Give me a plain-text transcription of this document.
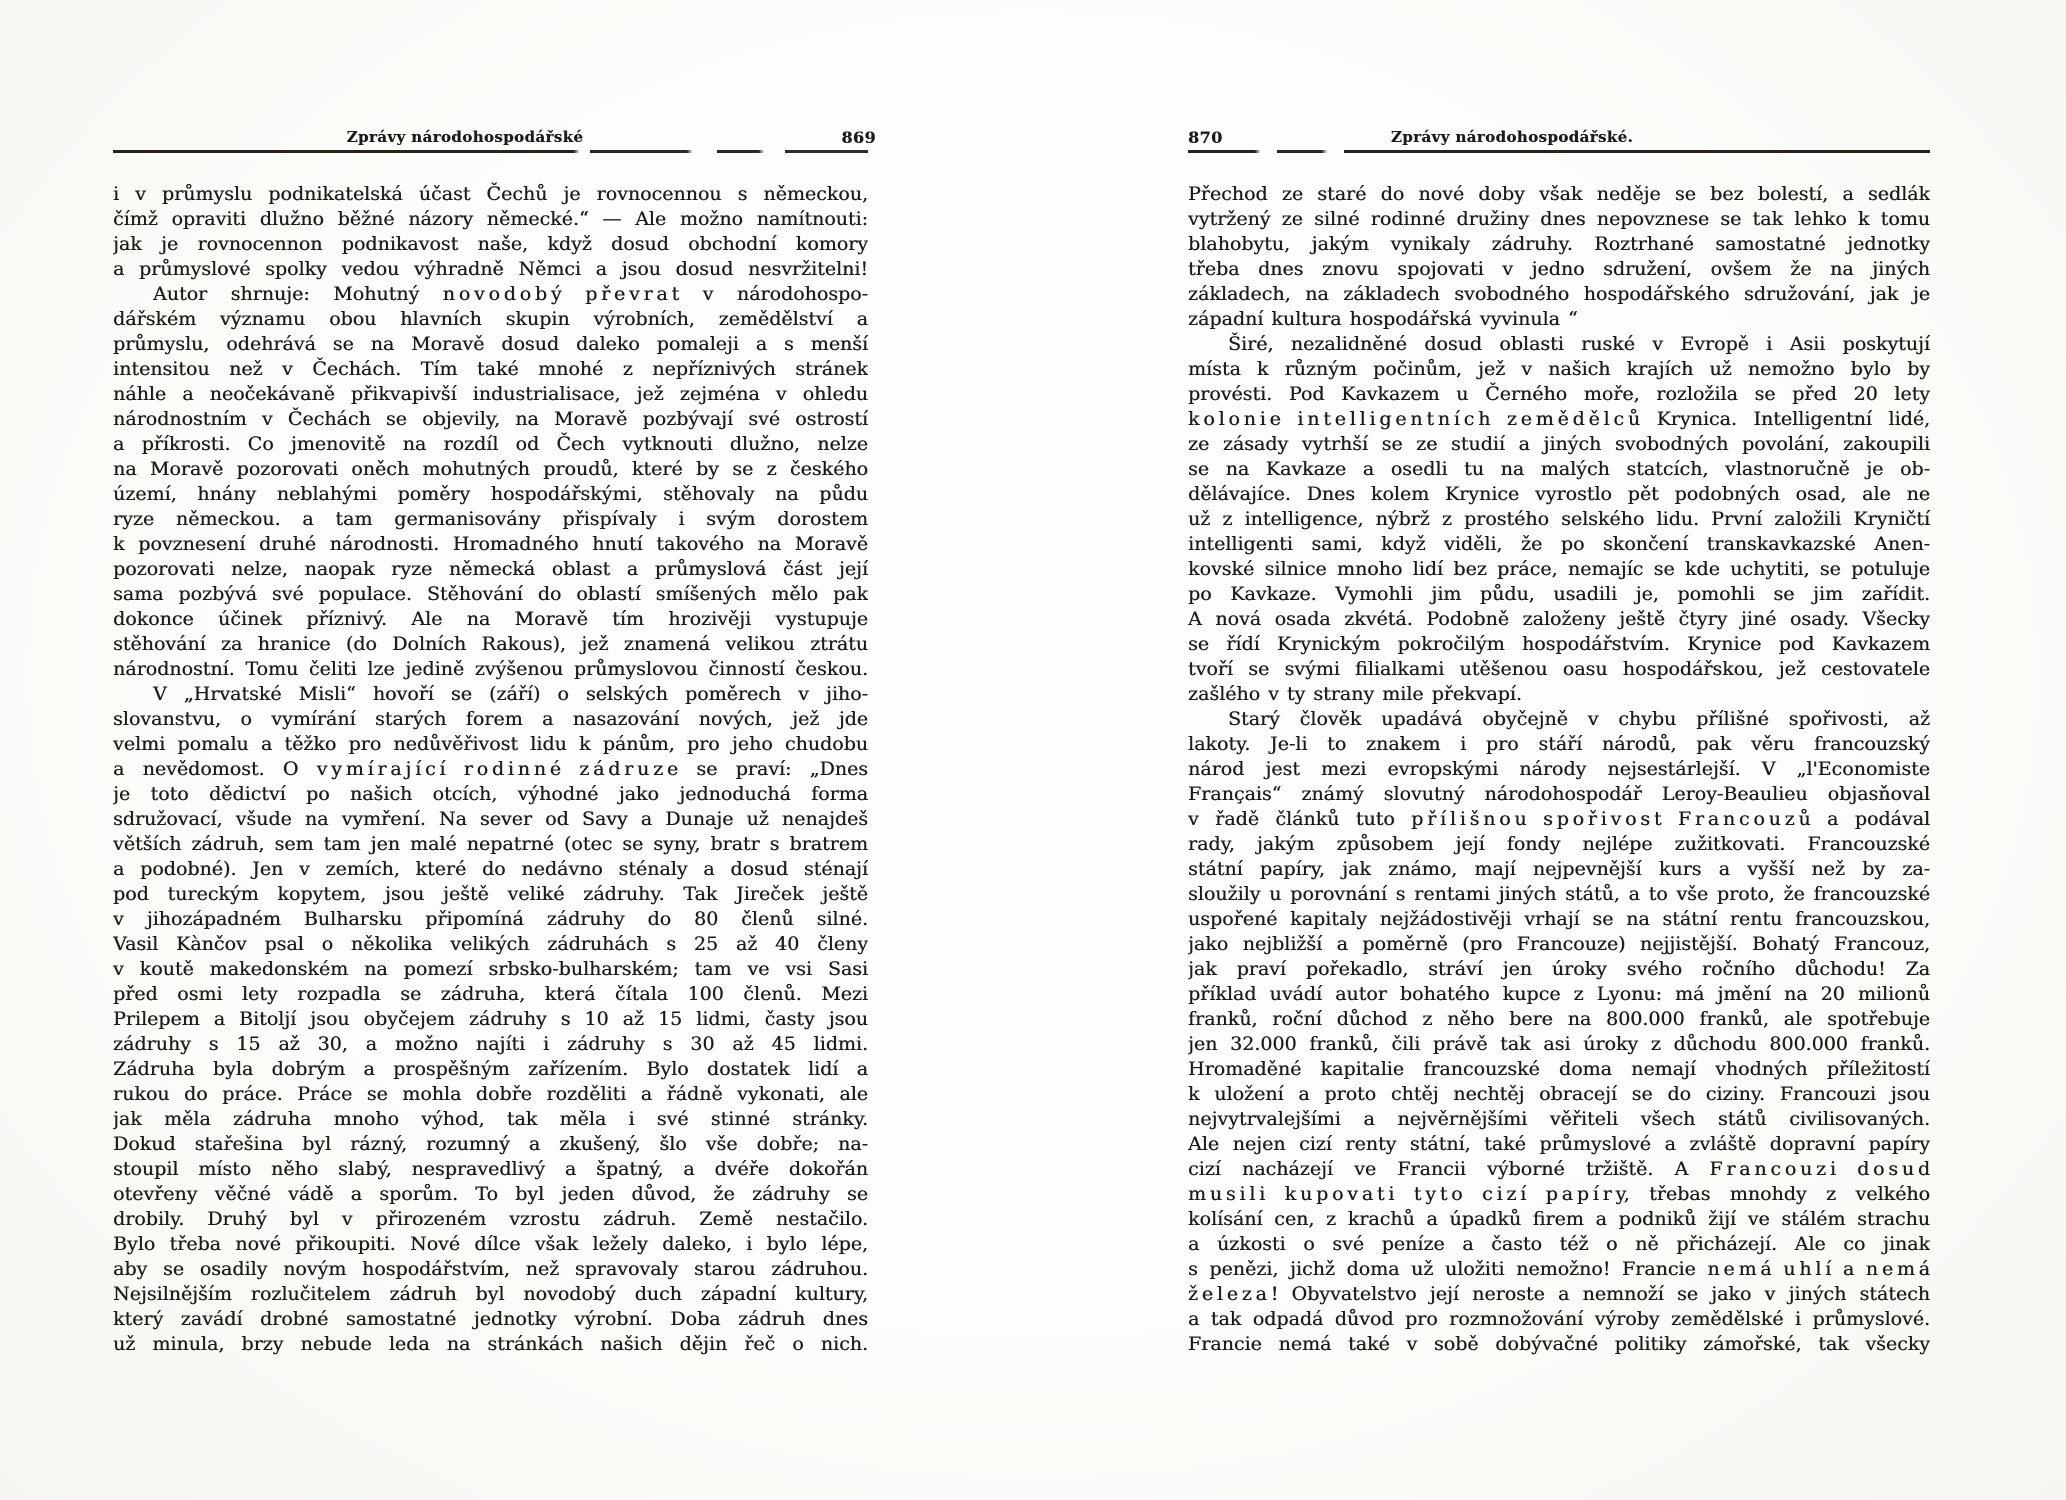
Zprávy národohospodářské	869
i v průmyslu podnikatelská účast Čechů je rovnocennou s německou,
čímž opraviti dlužno běžné názory německé.“ — Ale možno namítnouti:
jak je rovnocennon podnikavost naše, když dosud obchodní komory
a průmyslové spolky vedou výhradně Němci a jsou dosud nesvržitelni!
Autor shrnuje: Mohutný n o v o d o b ý p ř e v r a t v národohospo-
dářském významu obou hlavních skupin výrobních, zemědělství a
průmyslu, odehrává se na Moravě dosud daleko pomaleji a s menší
intensitou než v Čechách. Tím také mnohé z nepříznivých stránek
náhle a neočekávaně přikvapivší industrialisace, jež zejména v ohledu
národnostním v Čechách se objevily, na Moravě pozbývají své ostrostí
a příkrosti. Co jmenovitě na rozdíl od Čech vytknouti dlužno, nelze
na Moravě pozorovati oněch mohutných proudů, které by se z českého
území, hnány neblahými poměry hospodářskými, stěhovaly na půdu
ryze německou. a tam germanisovány přispívaly i svým dorostem
k povznesení druhé národnosti. Hromadného hnutí takového na Moravě
pozorovati nelze, naopak ryze německá oblast a průmyslová část její
sama pozbývá své populace. Stěhování do oblastí smíšených mělo pak
dokonce účinek příznivý. Ale na Moravě tím hrozivěji vystupuje
stěhování za hranice (do Dolních Rakous), jež znamená velikou ztrátu
národnostní. Tomu čeliti lze jedině zvýšenou průmyslovou činností českou.
V „Hrvatské Misli“ hovoří se (září) o selských poměrech v jiho-
slovanstvu, o vymírání starých forem a nasazování nových, jež jde
velmi pomalu a těžko pro nedůvěřivost lidu k pánům, pro jeho chudobu
a nevědomost. O v y m í r a j í c í r o d i n n é z á d r u z e se praví: „Dnes
je toto dědictví po našich otcích, výhodné jako jednoduchá forma
sdružovací, všude na vymření. Na sever od Savy a Dunaje už nenajdeš
větších zádruh, sem tam jen malé nepatrné (otec se syny, bratr s bratrem
a podobné). Jen v zemích, které do nedávno sténaly a dosud sténají
pod tureckým kopytem, jsou ještě veliké zádruhy. Tak Jireček ještě
v jihozápadném Bulharsku připomíná zádruhy do 80 členů silné.
Vasil Kànčov psal o několika velikých zádruhách s 25 až 40 členy
v koutě makedonském na pomezí srbsko-bulharském; tam ve vsi Sasi
před osmi lety rozpadla se zádruha, která čítala 100 členů. Mezi
Prilepem a Bitoljí jsou obyčejem zádruhy s 10 až 15 lidmi, časty jsou
zádruhy s 15 až 30, a možno najíti i zádruhy s 30 až 45 lidmi.
Zádruha byla dobrým a prospěšným zařízením. Bylo dostatek lidí a
rukou do práce. Práce se mohla dobře rozděliti a řádně vykonati, ale
jak měla zádruha mnoho výhod, tak měla i své stinné stránky.
Dokud stařešina byl rázný, rozumný a zkušený, šlo vše dobře; na-
stoupil místo něho slabý, nespravedlivý a špatný, a dvéře dokořán
otevřeny věčné vádě a sporům. To byl jeden důvod, že zádruhy se
drobily. Druhý byl v přirozeném vzrostu zádruh. Země nestačilo.
Bylo třeba nové přikoupiti. Nové dílce však ležely daleko, i bylo lépe,
aby se osadily novým hospodářstvím, než spravovaly starou zádruhou.
Nejsilnějším rozlučitelem zádruh byl novodobý duch západní kultury,
který zavádí drobné samostatné jednotky výrobní. Doba zádruh dnes
už minula, brzy nebude leda na stránkách našich dějin řeč o nich.
870	Zprávy národohospodářské.
Přechod ze staré do nové doby však neděje se bez bolestí, a sedlák
vytržený ze silné rodinné družiny dnes nepovznese se tak lehko k tomu
blahobytu, jakým vynikaly zádruhy. Roztrhané samostatné jednotky
třeba dnes znovu spojovati v jedno sdružení, ovšem že na jiných
základech, na základech svobodného hospodářského sdružování, jak je
západní kultura hospodářská vyvinula “
Širé, nezalidněné dosud oblasti ruské v Evropě i Asii poskytují
místa k různým počinům, jež v našich krajích už nemožno bylo by
provésti. Pod Kavkazem u Černého moře, rozložila se před 20 lety
k o l o n i e i n t e l l i g e n t n í c h z e m ě d ě l c ů Krynica. Intelligentní lidé,
ze zásady vytrhší se ze studií a jiných svobodných povolání, zakoupili
se na Kavkaze a osedli tu na malých statcích, vlastnoručně je ob-
dělávajíce. Dnes kolem Krynice vyrostlo pět podobných osad, ale ne
už z intelligence, nýbrž z prostého selského lidu. První založili Kryničtí
intelligenti sami, když viděli, že po skončení transkavkazské Anen-
kovské silnice mnoho lidí bez práce, nemajíc se kde uchytiti, se potuluje
po Kavkaze. Vymohli jim půdu, usadili je, pomohli se jim zařídit.
A nová osada zkvétá. Podobně založeny ještě čtyry jiné osady. Všecky
se řídí Krynickým pokročilým hospodářstvím. Krynice pod Kavkazem
tvoří se svými filialkami utěšenou oasu hospodářskou, jež cestovatele
zašlého v ty strany mile překvapí.
Starý člověk upadává obyčejně v chybu přílišné spořivosti, až
lakoty. Je-li to znakem i pro stáří národů, pak věru francouzský
národ jest mezi evropskými národy nejsestárlejší. V „l'Economiste
Français“ známý slovutný národohospodář Leroy-Beaulieu objasňoval
v řadě článků tuto p ř í l i š n o u s p o ř i v o s t F r a n c o u z ů a podával
rady, jakým způsobem její fondy nejlépe zužitkovati. Francouzské
státní papíry, jak známo, mají nejpevnější kurs a vyšší než by za-
sloužily u porovnání s rentami jiných států, a to vše proto, že francouzské
uspořené kapitaly nejžádostivěji vrhají se na státní rentu francouzskou,
jako nejbližší a poměrně (pro Francouze) nejjistější. Bohatý Francouz,
jak praví pořekadlo, stráví jen úroky svého ročního důchodu! Za
příklad uvádí autor bohatého kupce z Lyonu: má jmění na 20 milionů
franků, roční důchod z něho bere na 800.000 franků, ale spotřebuje
jen 32.000 franků, čili právě tak asi úroky z důchodu 800.000 franků.
Hromaděné kapitalie francouzské doma nemají vhodných příležitostí
k uložení a proto chtěj nechtěj obracejí se do ciziny. Francouzi jsou
nejvytrvalejšími a nejvěrnějšími věřiteli všech států civilisovaných.
Ale nejen cizí renty státní, také průmyslové a zvláště dopravní papíry
cizí nacházejí ve Francii výborné tržiště. A F r a n c o u z i d o s u d
m u s i l i k u p o v a t i t y t o c i z í p a p í r y, třebas mnohdy z velkého
kolísání cen, z krachů a úpadků firem a podniků žijí ve stálém strachu
a úzkosti o své peníze a často též o ně přicházejí. Ale co jinak
s penězi, jichž doma už uložiti nemožno! Francie n e m á u h l í a n e m á
ž e l e z a ! Obyvatelstvo její neroste a nemnoží se jako v jiných státech
a tak odpadá důvod pro rozmnožování výroby zemědělské i průmyslové.
Francie nemá také v sobě dobývačné politiky zámořské, tak všecky
